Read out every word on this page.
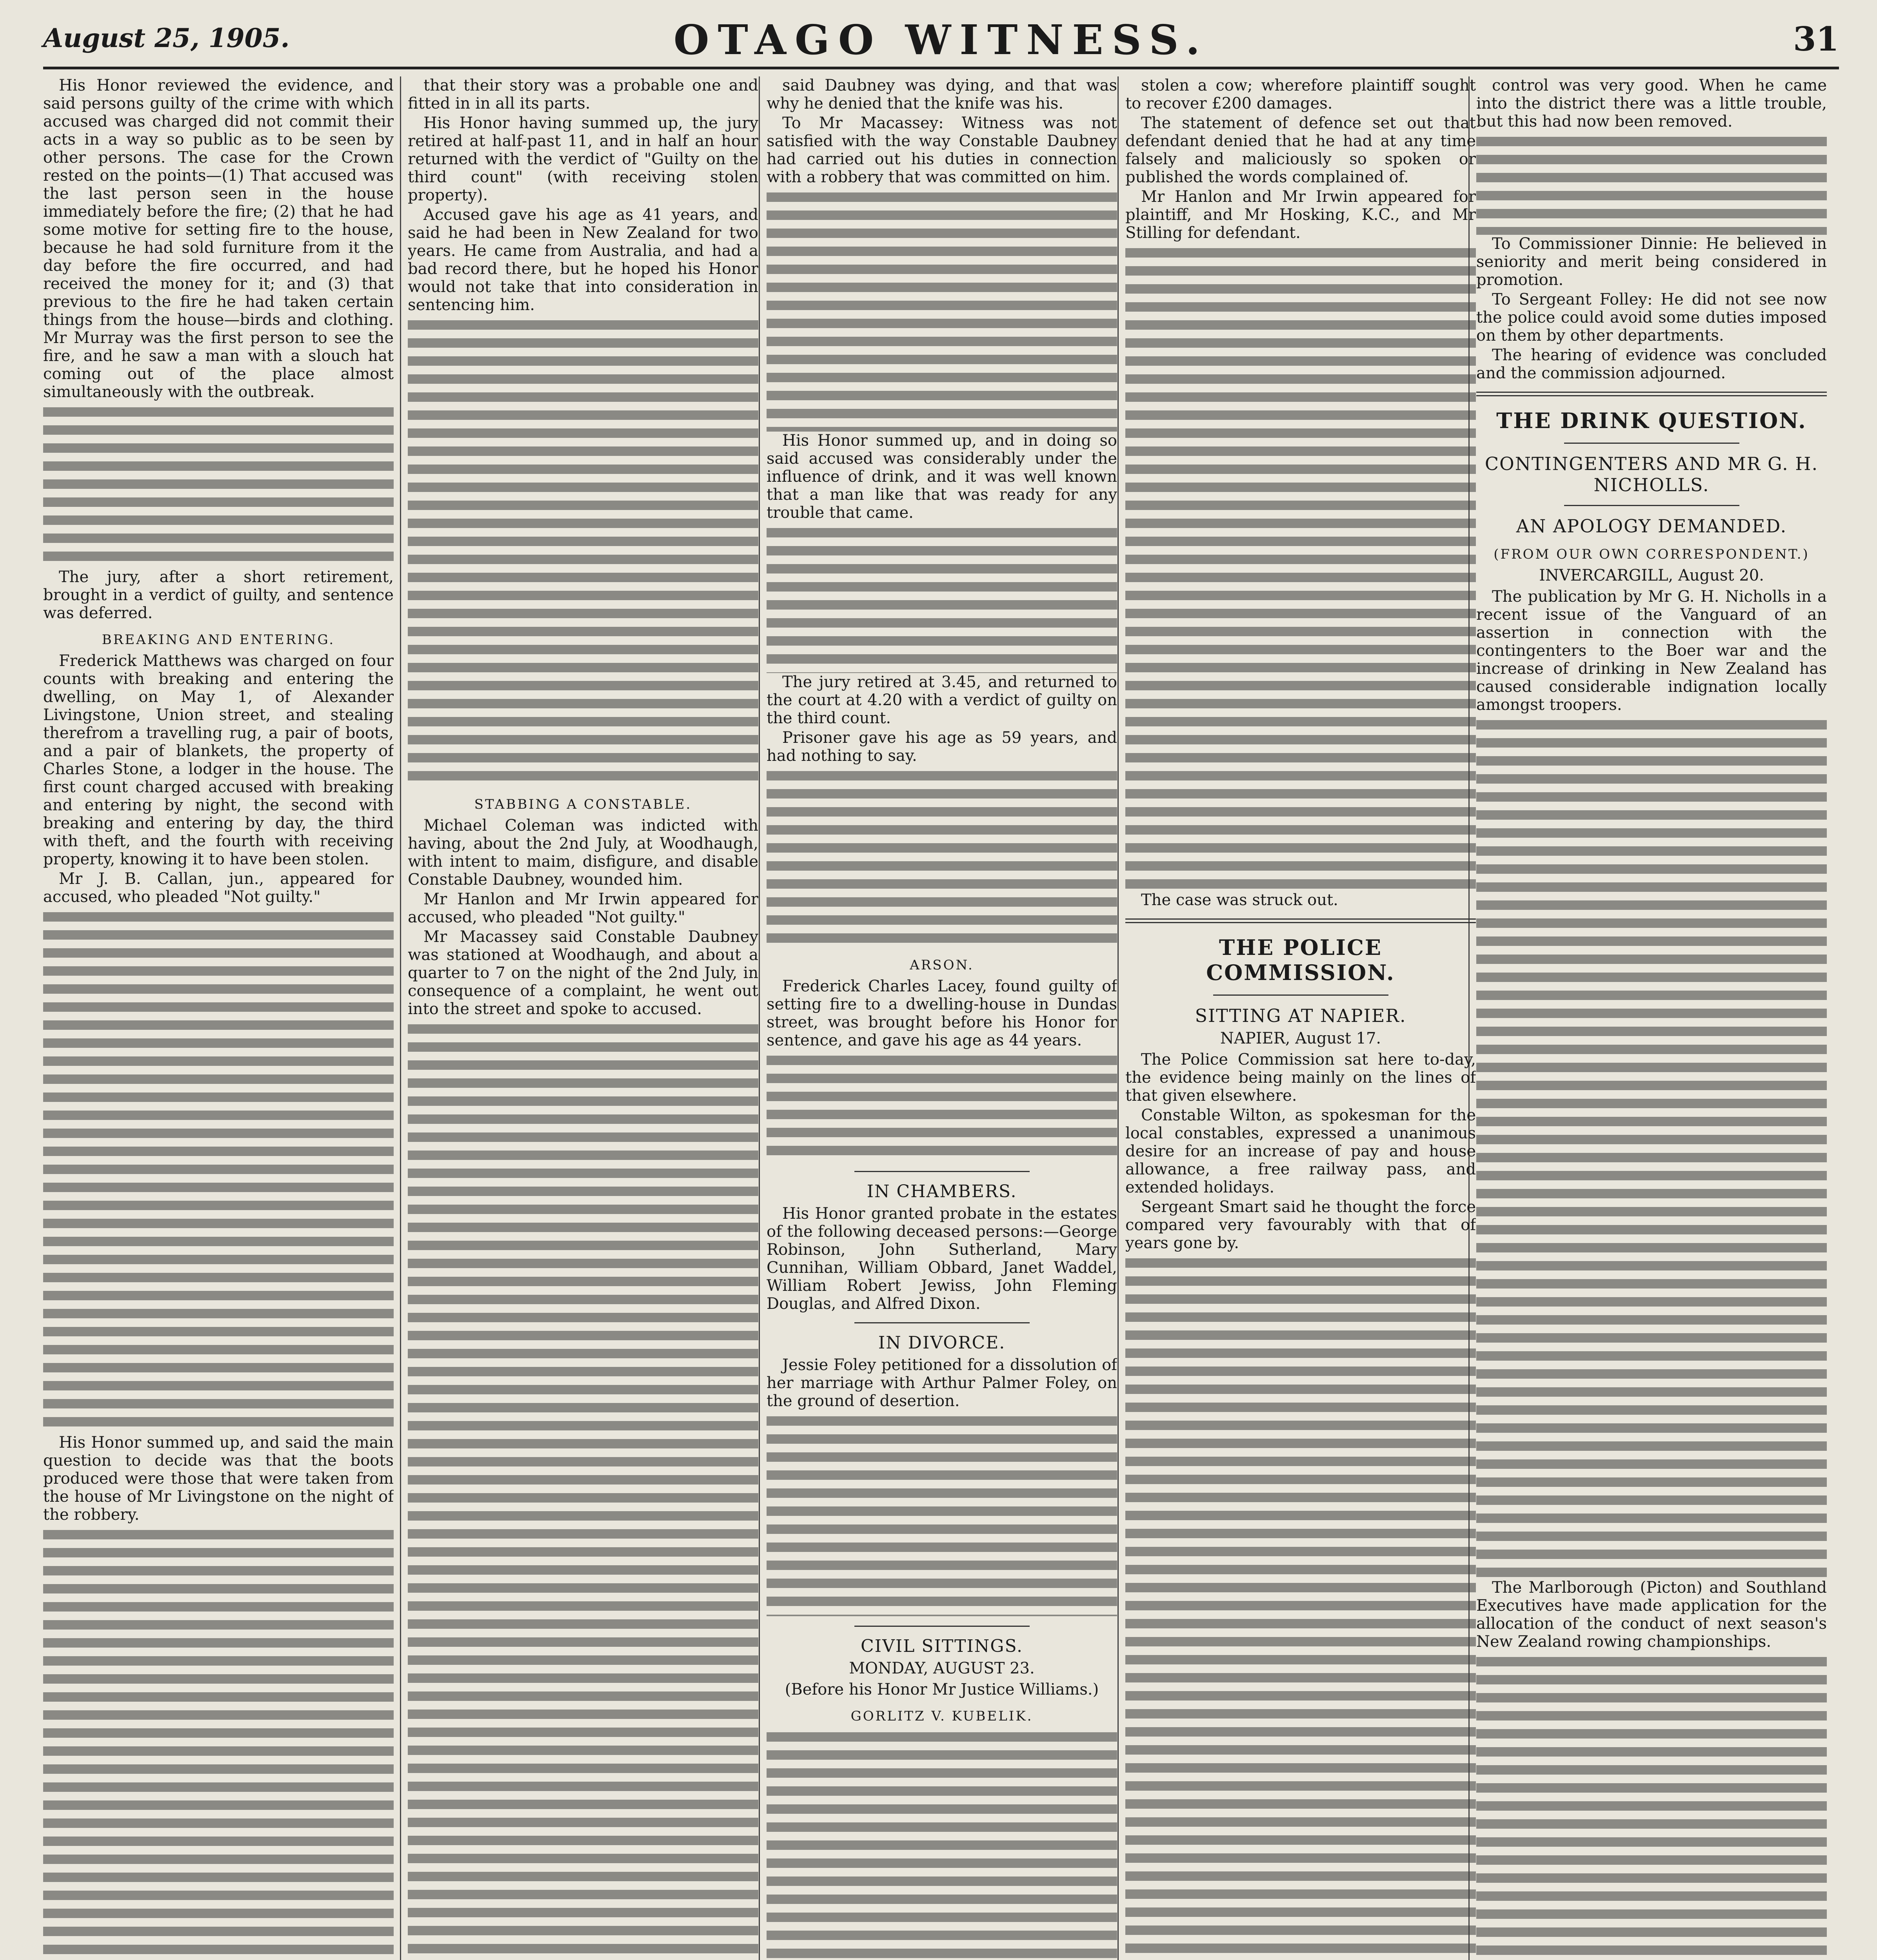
August 25, 1905.	OTAGO WITNESS.	31

His Honor reviewed the evidence, and said persons guilty of the crime with which accused was charged did not commit their acts in a way so public as to be seen by other persons. The case for the Crown rested on the points—(1) That accused was the last person seen in the house immediately before the fire; (2) that he had some motive for setting fire to the house, because he had sold furniture from it the day before the fire occurred, and had received the money for it; and (3) that previous to the fire he had taken certain things from the house—birds and clothing. Mr Murray was the first person to see the fire, and he saw a man with a slouch hat coming out of the place almost simultaneously with the outbreak.

The jury, after a short retirement, brought in a verdict of guilty, and sentence was deferred.

BREAKING AND ENTERING.

Frederick Matthews was charged on four counts with breaking and entering the dwelling, on May 1, of Alexander Livingstone, Union street, and stealing therefrom a travelling rug, a pair of boots, and a pair of blankets, the property of Charles Stone, a lodger in the house. The first count charged accused with breaking and entering by night, the second with breaking and entering by day, the third with theft, and the fourth with receiving property, knowing it to have been stolen.

Mr J. B. Callan, jun., appeared for accused, who pleaded "Not guilty."

His Honor summed up, and said the main question to decide was that the boots produced were those that were taken from the house of Mr Livingstone on the night of the robbery.

that their story was a probable one and fitted in in all its parts.

His Honor having summed up, the jury retired at half-past 11, and in half an hour returned with the verdict of "Guilty on the third count" (with receiving stolen property).

Accused gave his age as 41 years, and said he had been in New Zealand for two years. He came from Australia, and had a bad record there, but he hoped his Honor would not take that into consideration in sentencing him.

STABBING A CONSTABLE.

Michael Coleman was indicted with having, about the 2nd July, at Woodhaugh, with intent to maim, disfigure, and disable Constable Daubney, wounded him.

Mr Hanlon and Mr Irwin appeared for accused, who pleaded "Not guilty."

Mr Macassey said Constable Daubney was stationed at Woodhaugh, and about a quarter to 7 on the night of the 2nd July, in consequence of a complaint, he went out into the street and spoke to accused.

said Daubney was dying, and that was why he denied that the knife was his.

To Mr Macassey: Witness was not satisfied with the way Constable Daubney had carried out his duties in connection with a robbery that was committed on him.

His Honor summed up, and in doing so said accused was considerably under the influence of drink, and it was well known that a man like that was ready for any trouble that came.

The jury retired at 3.45, and returned to the court at 4.20 with a verdict of guilty on the third count.

Prisoner gave his age as 59 years, and had nothing to say.

ARSON.

Frederick Charles Lacey, found guilty of setting fire to a dwelling-house in Dundas street, was brought before his Honor for sentence, and gave his age as 44 years.

IN CHAMBERS.

His Honor granted probate in the estates of the following deceased persons:—George Robinson, John Sutherland, Mary Cunnihan, William Obbard, Janet Waddel, William Robert Jewiss, John Fleming Douglas, and Alfred Dixon.

IN DIVORCE.

Jessie Foley petitioned for a dissolution of her marriage with Arthur Palmer Foley, on the ground of desertion.

CIVIL SITTINGS.

MONDAY, AUGUST 23.

(Before his Honor Mr Justice Williams.)

GORLITZ V. KUBELIK.

stolen a cow; wherefore plaintiff sought to recover £200 damages.

The statement of defence set out that defendant denied that he had at any time falsely and maliciously so spoken or published the words complained of.

Mr Hanlon and Mr Irwin appeared for plaintiff, and Mr Hosking, K.C., and Mr Stilling for defendant.

The case was struck out.

THE POLICE COMMISSION.
SITTING AT NAPIER.

NAPIER, August 17.

The Police Commission sat here to-day, the evidence being mainly on the lines of that given elsewhere.

Constable Wilton, as spokesman for the local constables, expressed a unanimous desire for an increase of pay and house allowance, a free railway pass, and extended holidays.

Sergeant Smart said he thought the force compared very favourably with that of years gone by.

control was very good. When he came into the district there was a little trouble, but this had now been removed.

To Commissioner Dinnie: He believed in seniority and merit being considered in promotion.

To Sergeant Folley: He did not see now the police could avoid some duties imposed on them by other departments.

The hearing of evidence was concluded and the commission adjourned.

THE DRINK QUESTION.
CONTINGENTERS AND MR G. H. NICHOLLS.
AN APOLOGY DEMANDED.

(FROM OUR OWN CORRESPONDENT.)

INVERCARGILL, August 20.

The publication by Mr G. H. Nicholls in a recent issue of the Vanguard of an assertion in connection with the contingenters to the Boer war and the increase of drinking in New Zealand has caused considerable indignation locally amongst troopers.

The Marlborough (Picton) and Southland Executives have made application for the allocation of the conduct of next season's New Zealand rowing championships.
